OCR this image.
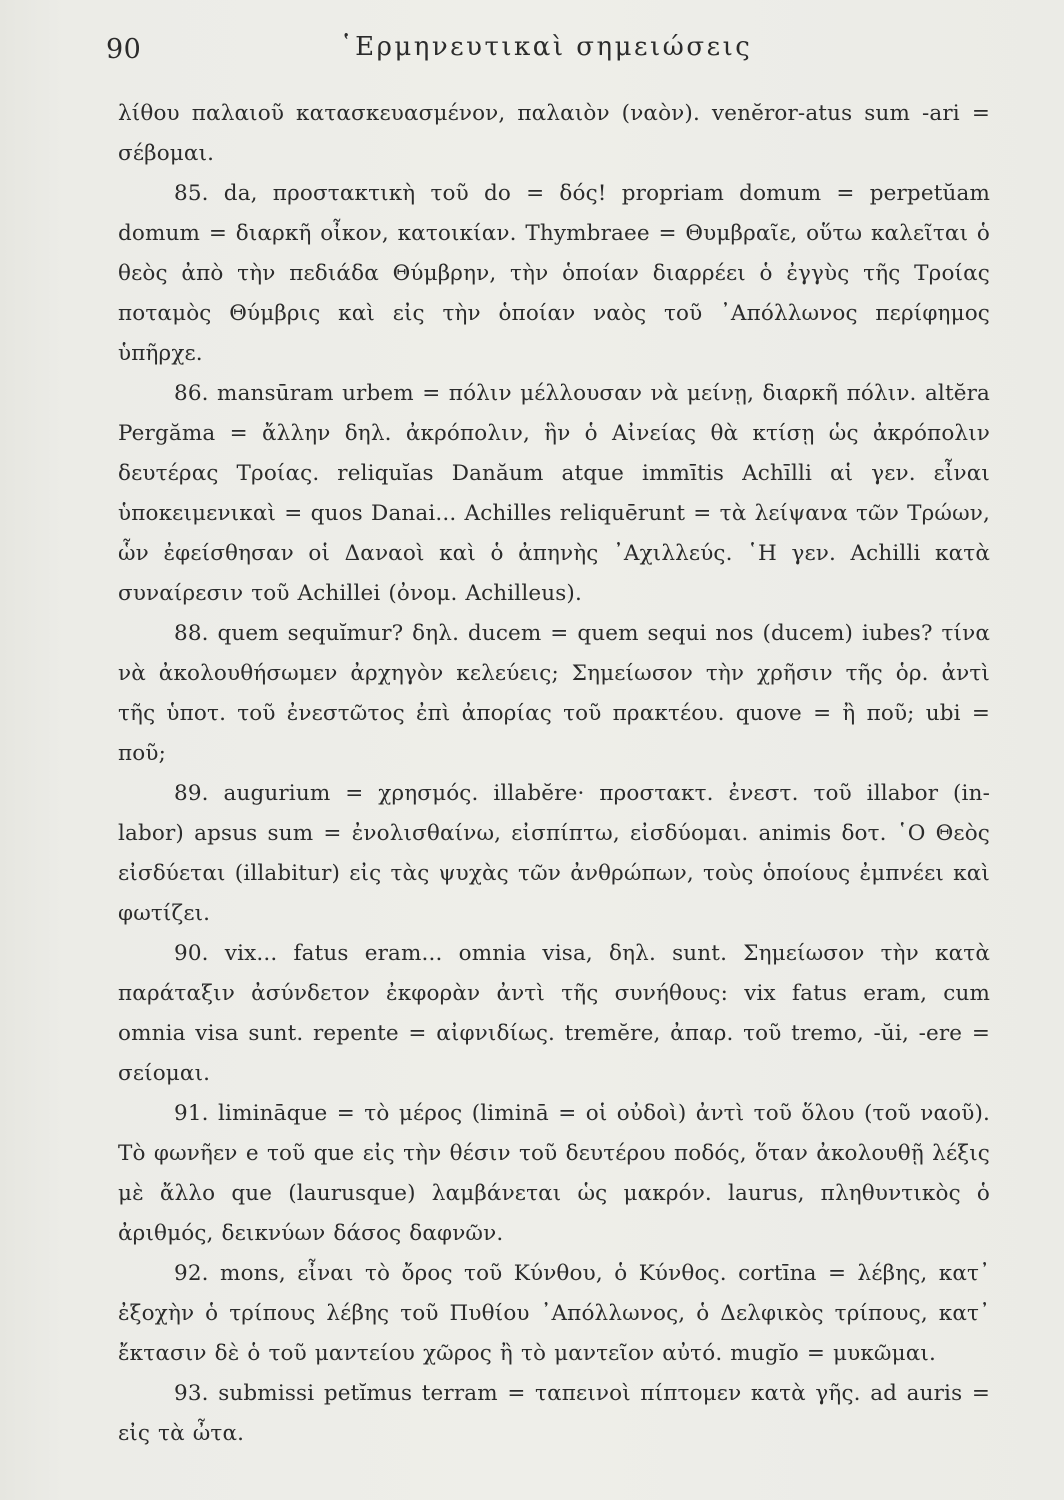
90	῾Ερμηνευτικαὶ σημειώσεις

λίθου παλαιοῦ κατασκευασμένον, παλαιὸν (ναὸν). venĕror-atus sum -ari = σέβομαι.

85. da, προστακτικὴ τοῦ do = δός! propriam domum = perpetŭam domum = διαρκῆ οἶκον, κατοικίαν. Thymbraee = Θυμβραῖε, οὕτω καλεῖται ὁ θεὸς ἀπὸ τὴν πεδιάδα Θύμβρην, τὴν ὁποίαν διαρρέει ὁ ἐγγὺς τῆς Τροίας ποταμὸς Θύμβρις καὶ εἰς τὴν ὁποίαν ναὸς τοῦ ᾿Απόλλωνος περίφημος ὑπῆρχε.

86. mansūram urbem = πόλιν μέλλουσαν νὰ μείνῃ, διαρκῆ πόλιν. altĕra Pergăma = ἄλλην δηλ. ἀκρόπολιν, ἣν ὁ Αἰνείας θὰ κτίσῃ ὡς ἀκρόπολιν δευτέρας Τροίας. reliquĭas Danăum atque immītis Achīlli αἱ γεν. εἶναι ὑποκειμενικαὶ = quos Danai... Achilles reliquērunt = τὰ λείψανα τῶν Τρώων, ὧν ἐφείσθησαν οἱ Δαναοὶ καὶ ὁ ἀπηνὴς ᾿Αχιλλεύς. ῾Η γεν. Achilli κατὰ συναίρεσιν τοῦ Achillei (ὀνομ. Achilleus).

88. quem sequĭmur? δηλ. ducem = quem sequi nos (ducem) iubes? τίνα νὰ ἀκολουθήσωμεν ἀρχηγὸν κελεύεις; Σημείωσον τὴν χρῆσιν τῆς ὁρ. ἀντὶ τῆς ὑποτ. τοῦ ἐνεστῶτος ἐπὶ ἀπορίας τοῦ πρακτέου. quove = ἢ ποῦ; ubi = ποῦ;

89. augurium = χρησμός. illabĕre· προστακτ. ἐνεστ. τοῦ illabor (in-labor) apsus sum = ἐνολισθαίνω, εἰσπίπτω, εἰσδύομαι. animis δοτ. ῾Ο Θεὸς εἰσδύεται (illabitur) εἰς τὰς ψυχὰς τῶν ἀνθρώπων, τοὺς ὁποίους ἐμπνέει καὶ φωτίζει.

90. vix... fatus eram... omnia visa, δηλ. sunt. Σημείωσον τὴν κατὰ παράταξιν ἀσύνδετον ἐκφορὰν ἀντὶ τῆς συνήθους: vix fatus eram, cum omnia visa sunt. repente = αἰφνιδίως. tremĕre, ἀπαρ. τοῦ tremo, -ŭi, -ere = σείομαι.

91. limināque = τὸ μέρος (liminā = οἱ οὐδοὶ) ἀντὶ τοῦ ὅλου (τοῦ ναοῦ). Τὸ φωνῆεν e τοῦ que εἰς τὴν θέσιν τοῦ δευτέρου ποδός, ὅταν ἀκολουθῇ λέξις μὲ ἄλλο que (laurusque) λαμβάνεται ὡς μακρόν. laurus, πληθυντικὸς ὁ ἀριθμός, δεικνύων δάσος δαφνῶν.

92. mons, εἶναι τὸ ὄρος τοῦ Κύνθου, ὁ Κύνθος. cortīna = λέβης, κατ᾿ ἐξοχὴν ὁ τρίπους λέβης τοῦ Πυθίου ᾿Απόλλωνος, ὁ Δελφικὸς τρίπους, κατ᾿ ἔκτασιν δὲ ὁ τοῦ μαντείου χῶρος ἢ τὸ μαντεῖον αὐτό. mugĭo = μυκῶμαι.

93. submissi petĭmus terram = ταπεινοὶ πίπτομεν κατὰ γῆς. ad auris = εἰς τὰ ὦτα.
